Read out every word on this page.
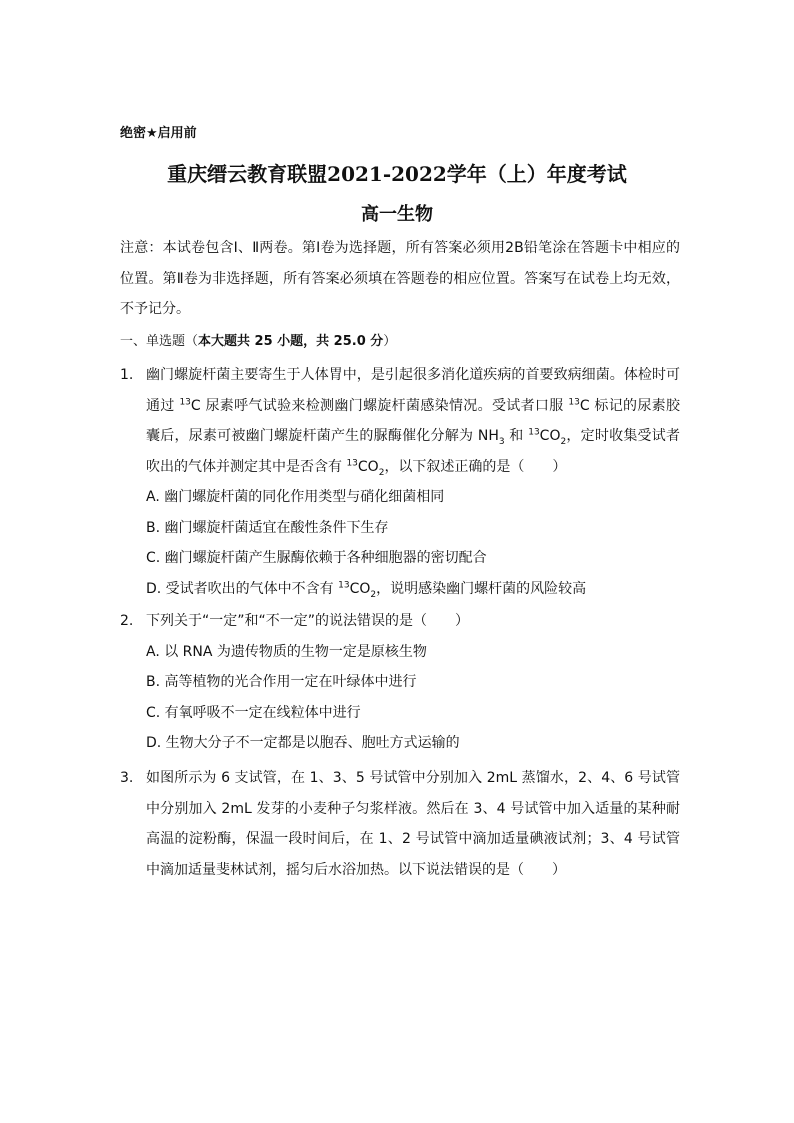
绝密★启用前
重庆缙云教育联盟2021-2022学年（上）年度考试
高一生物
注意：本试卷包含Ⅰ、Ⅱ两卷。第Ⅰ卷为选择题，所有答案必须用2B铅笔涂在答题卡中相应的位置。第Ⅱ卷为非选择题，所有答案必须填在答题卷的相应位置。答案写在试卷上均无效，不予记分。
一、单选题（本大题共 25 小题，共 25.0 分）
1. 幽门螺旋杆菌主要寄生于人体胃中，是引起很多消化道疾病的首要致病细菌。体检时可通过 $^{13}$C 尿素呼气试验来检测幽门螺旋杆菌感染情况。受试者口服 $^{13}$C 标记的尿素胶囊后，尿素可被幽门螺旋杆菌产生的脲酶催化分解为 $NH_3$ 和 $^{13}CO_2$，定时收集受试者吹出的气体并测定其中是否含有 $^{13}CO_2$，以下叙述正确的是（　　）
A. 幽门螺旋杆菌的同化作用类型与硝化细菌相同
B. 幽门螺旋杆菌适宜在酸性条件下生存
C. 幽门螺旋杆菌产生脲酶依赖于各种细胞器的密切配合
D. 受试者吹出的气体中不含有 $^{13}CO_2$，说明感染幽门螺杆菌的风险较高
2. 下列关于“一定”和“不一定”的说法错误的是（　　）
A. 以 RNA 为遗传物质的生物一定是原核生物
B. 高等植物的光合作用一定在叶绿体中进行
C. 有氧呼吸不一定在线粒体中进行
D. 生物大分子不一定都是以胞吞、胞吐方式运输的
3. 如图所示为 6 支试管，在 1、3、5 号试管中分别加入 2mL 蒸馏水，2、4、6 号试管中分别加入 2mL 发芽的小麦种子匀浆样液。然后在 3、4 号试管中加入适量的某种耐高温的淀粉酶，保温一段时间后，在 1、2 号试管中滴加适量碘液试剂；3、4 号试管中滴加适量斐林试剂，摇匀后水浴加热。以下说法错误的是（　　）
